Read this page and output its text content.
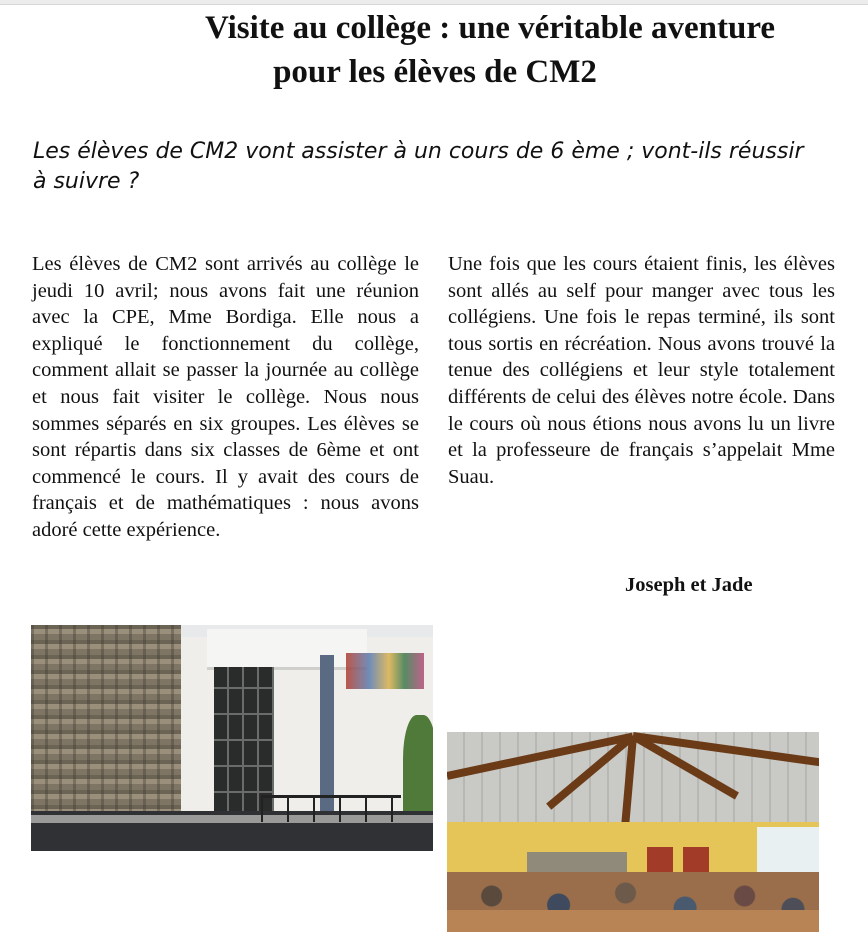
Visite au collège : une véritable aventure
pour les élèves de CM2
Les élèves de CM2 vont assister à un cours de 6 ème ; vont-ils réussir à suivre ?
Les élèves de CM2 sont arrivés au collège le jeudi 10 avril; nous avons fait une réunion avec la CPE, Mme Bordiga. Elle nous a expliqué le fonctionnement du collège, comment allait se passer la journée au collège et nous fait visiter le collège. Nous nous sommes séparés en six groupes. Les élèves se sont répartis dans six classes de 6ème et ont commencé le cours. Il y avait des cours de français et de mathématiques : nous avons adoré cette expérience.
Une fois que les cours étaient finis, les élèves sont allés au self pour manger avec tous les collégiens. Une fois le repas terminé, ils sont tous sortis en récréation. Nous avons trouvé la tenue des collégiens et leur style totalement différents de celui des élèves notre école. Dans le cours où nous étions nous avons lu un livre et la professeure de français s’appelait Mme Suau.
Joseph et Jade
